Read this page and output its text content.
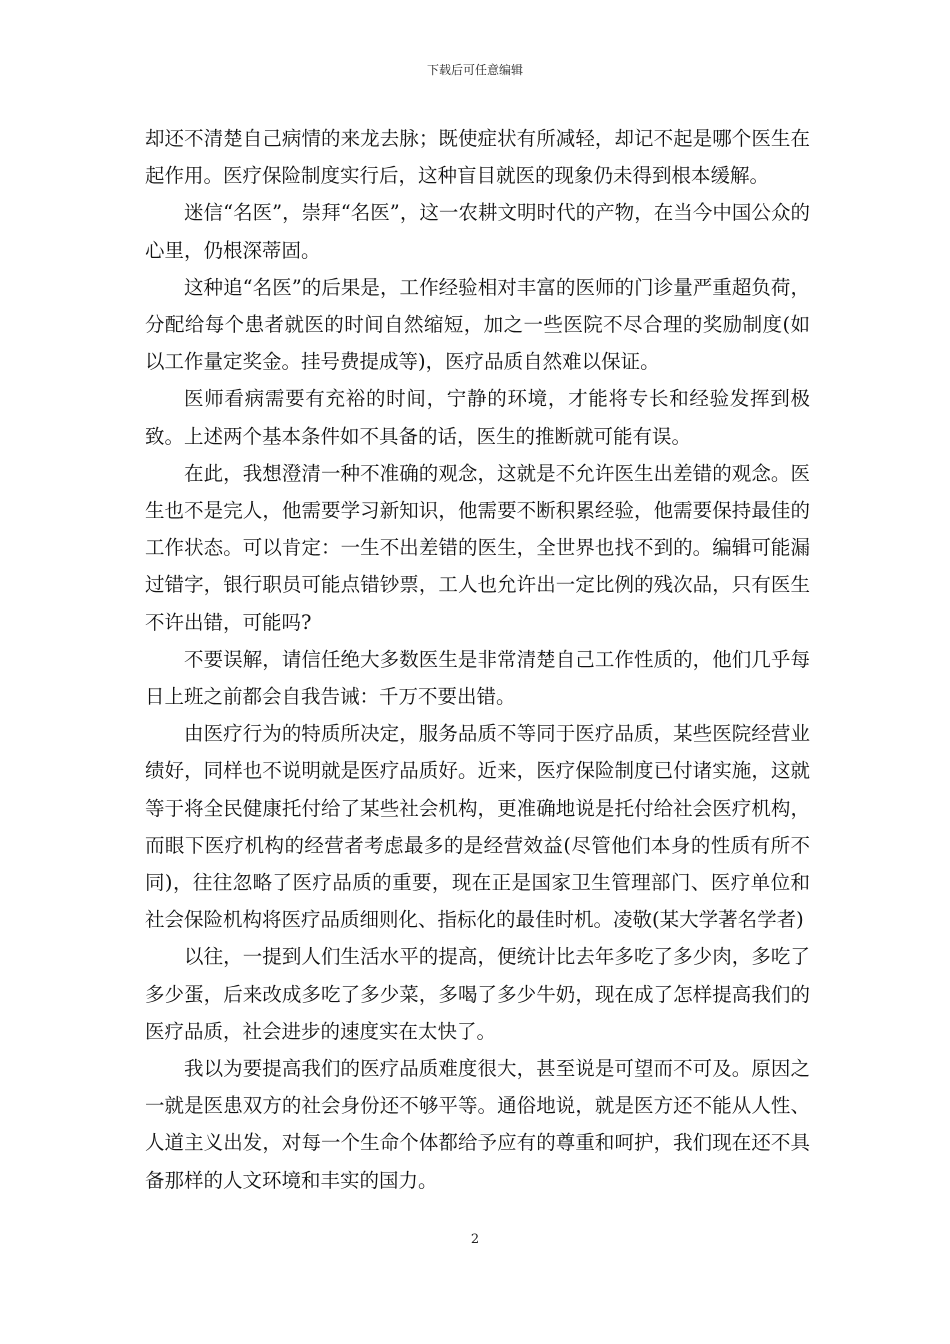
下载后可任意编辑

却还不清楚自己病情的来龙去脉；既使症状有所减轻，却记不起是哪个医生在起作用。医疗保险制度实行后，这种盲目就医的现象仍未得到根本缓解。

迷信“名医”，崇拜“名医”，这一农耕文明时代的产物，在当今中国公众的心里，仍根深蒂固。

这种追“名医”的后果是，工作经验相对丰富的医师的门诊量严重超负荷，分配给每个患者就医的时间自然缩短，加之一些医院不尽合理的奖励制度(如以工作量定奖金。挂号费提成等)，医疗品质自然难以保证。

医师看病需要有充裕的时间，宁静的环境，才能将专长和经验发挥到极致。上述两个基本条件如不具备的话，医生的推断就可能有误。

在此，我想澄清一种不准确的观念，这就是不允许医生出差错的观念。医生也不是完人，他需要学习新知识，他需要不断积累经验，他需要保持最佳的工作状态。可以肯定：一生不出差错的医生，全世界也找不到的。编辑可能漏过错字，银行职员可能点错钞票，工人也允许出一定比例的残次品，只有医生不许出错，可能吗?

不要误解，请信任绝大多数医生是非常清楚自己工作性质的，他们几乎每日上班之前都会自我告诫：千万不要出错。

由医疗行为的特质所决定，服务品质不等同于医疗品质，某些医院经营业绩好，同样也不说明就是医疗品质好。近来，医疗保险制度已付诸实施，这就等于将全民健康托付给了某些社会机构，更准确地说是托付给社会医疗机构，而眼下医疗机构的经营者考虑最多的是经营效益(尽管他们本身的性质有所不同)，往往忽略了医疗品质的重要，现在正是国家卫生管理部门、医疗单位和社会保险机构将医疗品质细则化、指标化的最佳时机。凌敬(某大学著名学者)

以往，一提到人们生活水平的提高，便统计比去年多吃了多少肉，多吃了多少蛋，后来改成多吃了多少菜，多喝了多少牛奶，现在成了怎样提高我们的医疗品质，社会进步的速度实在太快了。

我以为要提高我们的医疗品质难度很大，甚至说是可望而不可及。原因之一就是医患双方的社会身份还不够平等。通俗地说，就是医方还不能从人性、人道主义出发，对每一个生命个体都给予应有的尊重和呵护，我们现在还不具备那样的人文环境和丰实的国力。

2
